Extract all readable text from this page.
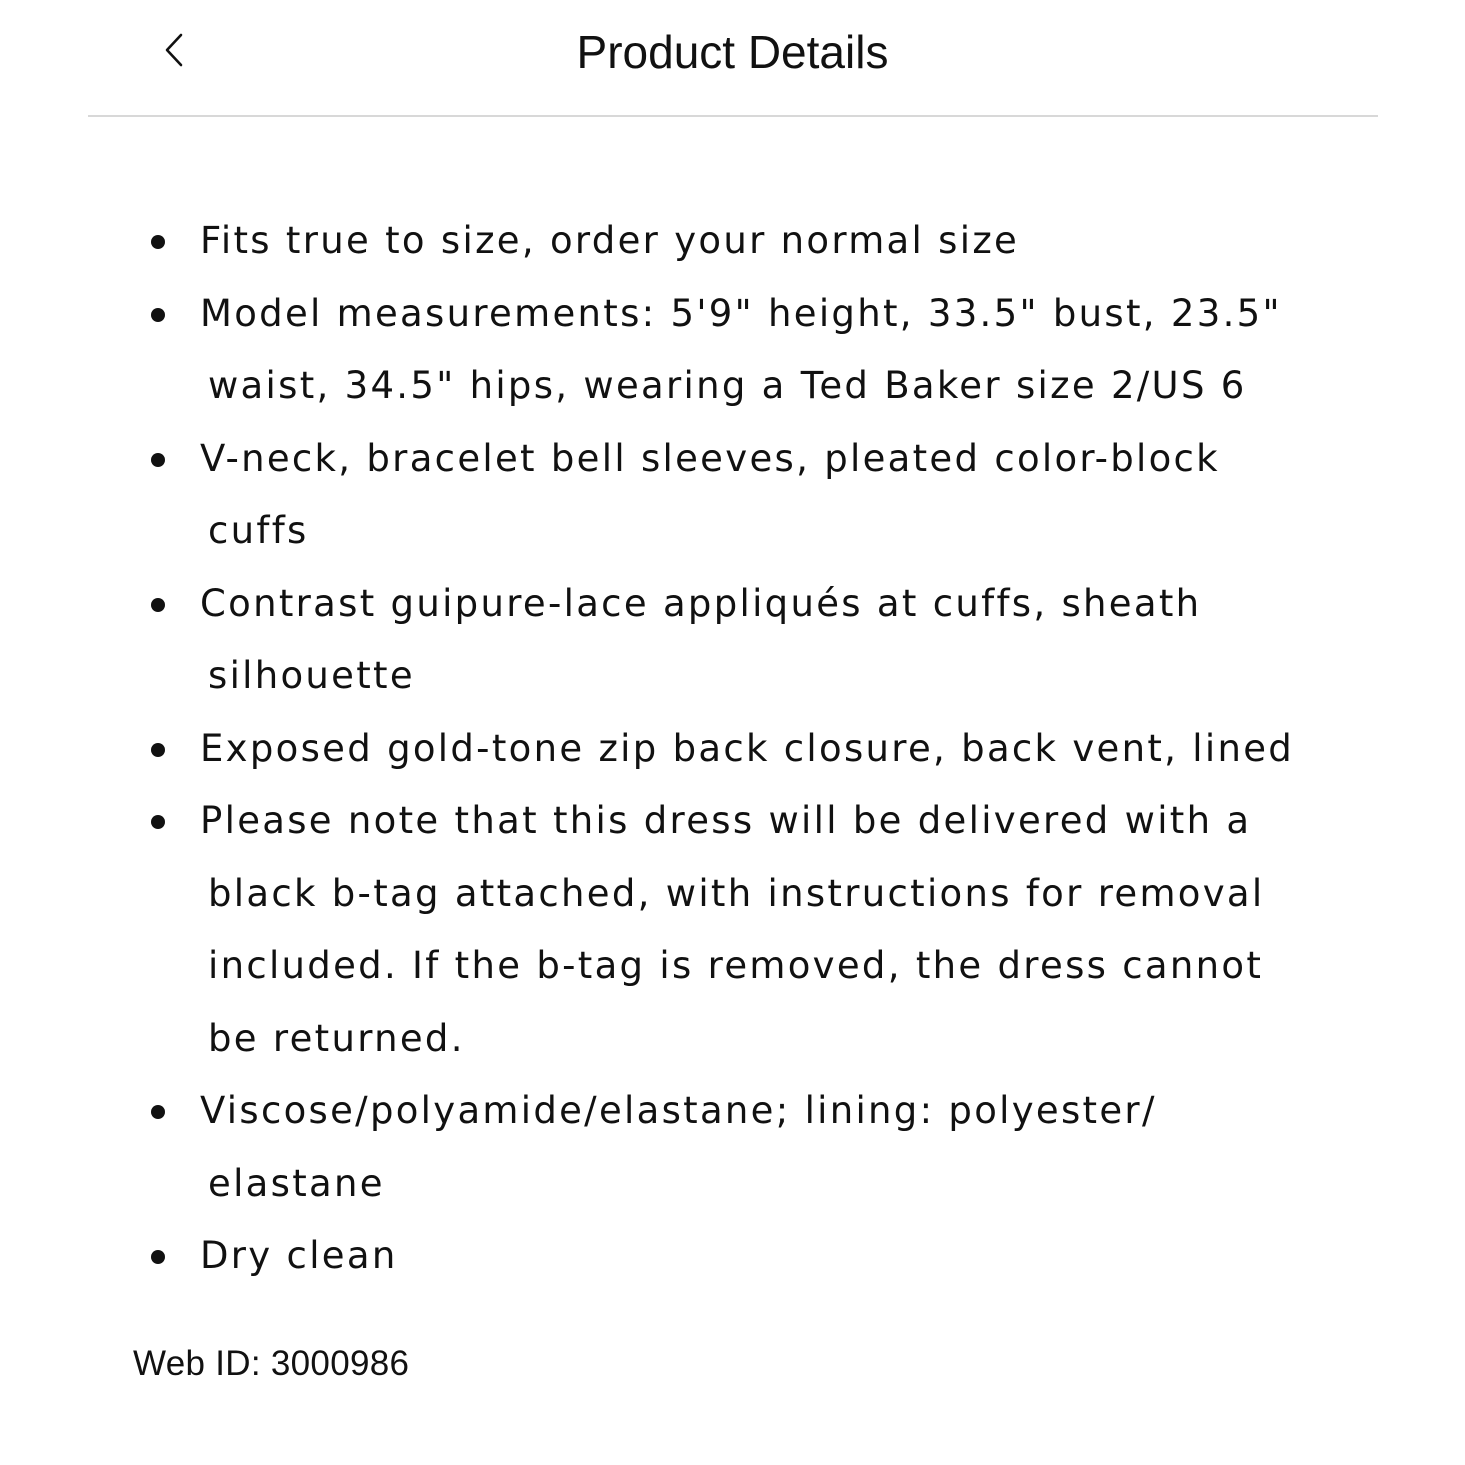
Product Details
Fits true to size, order your normal size
Model measurements: 5'9" height, 33.5" bust, 23.5"
waist, 34.5" hips, wearing a Ted Baker size 2/US 6
V-neck, bracelet bell sleeves, pleated color-block
cuffs
Contrast guipure-lace appliqués at cuffs, sheath
silhouette
Exposed gold-tone zip back closure, back vent, lined
Please note that this dress will be delivered with a
black b-tag attached, with instructions for removal
included. If the b-tag is removed, the dress cannot
be returned.
Viscose/polyamide/elastane; lining: polyester/
elastane
Dry clean
Web ID: 3000986
